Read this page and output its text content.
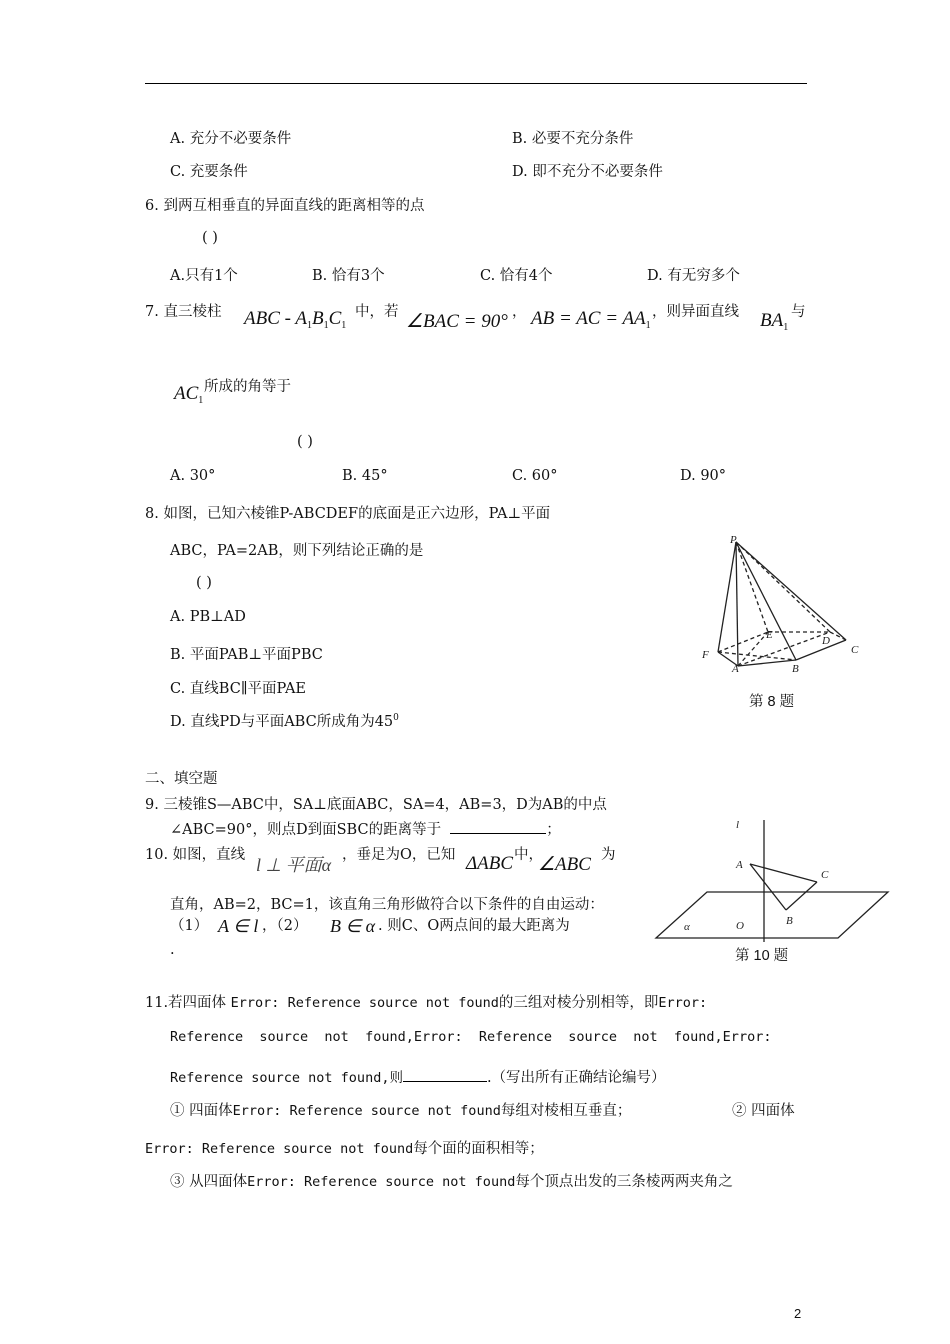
A. 充分不必要条件	B. 必要不充分条件
C. 充要条件	D. 即不充分不必要条件
6. 到两互相垂直的异面直线的距离相等的点
( )
A.只有1个	B. 恰有3个	C. 恰有4个	D. 有无穷多个
7. 直三棱柱 ABC - $A_1B_1C_1$
中，若 ∠BAC = 90° ， AB = AC = $AA_1$
，则异面直线 $BA_1$
与
$AC_1$
所成的角等于
( )
A. 30°	B. 45°	C. 60°	D. 90°
8. 如图，已知六棱锥P-ABCDEF的底面是正六边形，PA⊥平面
ABC，PA=2AB，则下列结论正确的是
( )
A. PB⊥AD
B. 平面PAB⊥平面PBC
C. 直线BC∥平面PAE
D. 直线PD与平面ABC所成角为$45^0$
P
F
A	B
C
D
E
第 8 题
二、填空题
9. 三棱锥S—ABC中，SA⊥底面ABC，SA=4，AB=3，D为AB的中点
∠ABC=90°，则点D到面SBC的距离等于	；
10. 如图，直线 l ⊥ 平面α ，垂足为O，已知 ΔABC 中，
∠ABC 为
直角，AB=2，BC=1，该直角三角形做符合以下条件的自由运动：
（1） A ∈ l ，（2） B ∈ α . 则C、O两点间的最大距离为
.
l
A
C
B
O
α
第 10 题
11.若四面体 Error: Reference source not found的三组对棱分别相等，即Error:
Reference  source  not  found,Error:  Reference  source  not  found,Error:
Reference source not found,则	.（写出所有正确结论编号）
① 四面体Error: Reference source not found每组对棱相互垂直；	② 四面体
Error: Reference source not found每个面的面积相等；
③ 从四面体Error: Reference source not found每个顶点出发的三条棱两两夹角之
2
